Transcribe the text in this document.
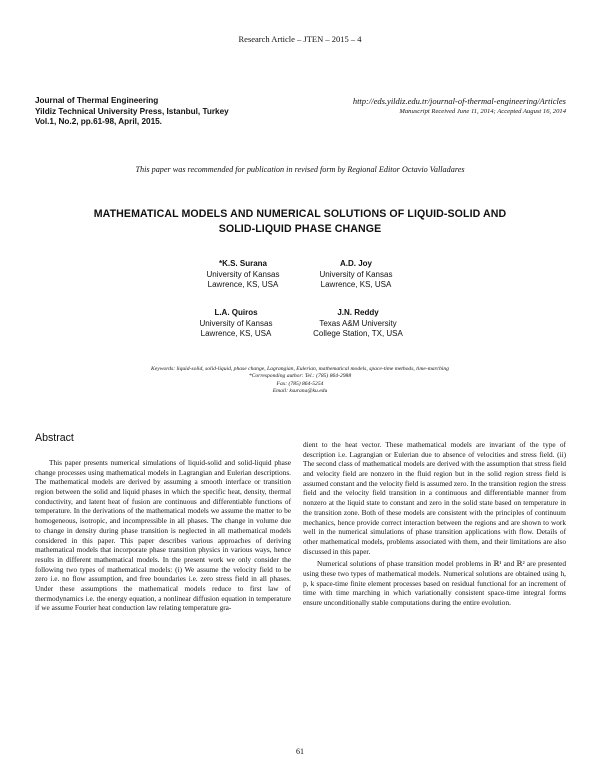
Research Article – JTEN – 2015 – 4
Journal of Thermal Engineering
Yildiz Technical University Press, Istanbul, Turkey
Vol.1, No.2, pp.61-98, April, 2015.
http://eds.yildiz.edu.tr/journal-of-thermal-engineering/Articles
Manuscript Received June 11, 2014; Accepted August 16, 2014
This paper was recommended for publication in revised form by Regional Editor Octavio Valladares
MATHEMATICAL MODELS AND NUMERICAL SOLUTIONS OF LIQUID-SOLID AND
SOLID-LIQUID PHASE CHANGE
*K.S. Surana
University of Kansas
Lawrence, KS, USA
A.D. Joy
University of Kansas
Lawrence, KS, USA
L.A. Quiros
University of Kansas
Lawrence, KS, USA
J.N. Reddy
Texas A&M University
College Station, TX, USA
Keywords: liquid-solid, solid-liquid, phase change, Lagrangian, Eulerian, mathematical models, space-time methods, time-marching
*Corresponding author: Tel.: (785) 864-2988
Fax: (785) 864-5254
Email: ksurana@ku.edu
Abstract

This paper presents numerical simulations of liquid-solid and solid-liquid phase change processes using mathematical models in Lagrangian and Eulerian descriptions. The mathematical models are derived by assuming a smooth interface or transition region between the solid and liquid phases in which the specific heat, density, thermal conductivity, and latent heat of fusion are continuous and differentiable functions of temperature. In the derivations of the mathematical models we assume the matter to be homogeneous, isotropic, and incompressible in all phases. The change in volume due to change in density during phase transition is neglected in all mathematical models considered in this paper. This paper describes various approaches of deriving mathematical models that incorporate phase transition physics in various ways, hence results in different mathematical models. In the present work we only consider the following two types of mathematical models: (i) We assume the velocity field to be zero i.e. no flow assumption, and free boundaries i.e. zero stress field in all phases. Under these assumptions the mathematical models reduce to first law of thermodynamics i.e. the energy equation, a nonlinear diffusion equation in temperature if we assume Fourier heat conduction law relating temperature gra-

dient to the heat vector. These mathematical models are invariant of the type of description i.e. Lagrangian or Eulerian due to absence of velocities and stress field. (ii) The second class of mathematical models are derived with the assumption that stress field and velocity field are nonzero in the fluid region but in the solid region stress field is assumed constant and the velocity field is assumed zero. In the transition region the stress field and the velocity field transition in a continuous and differentiable manner from nonzero at the liquid state to constant and zero in the solid state based on temperature in the transition zone. Both of these models are consistent with the principles of continuum mechanics, hence provide correct interaction between the regions and are shown to work well in the numerical simulations of phase transition applications with flow. Details of other mathematical models, problems associated with them, and their limitations are also discussed in this paper.

Numerical solutions of phase transition model problems in ℝ¹ and ℝ² are presented using these two types of mathematical models. Numerical solutions are obtained using h, p, k space-time finite element processes based on residual functional for an increment of time with time marching in which variationally consistent space-time integral forms ensure unconditionally stable computations during the entire evolution.

61
